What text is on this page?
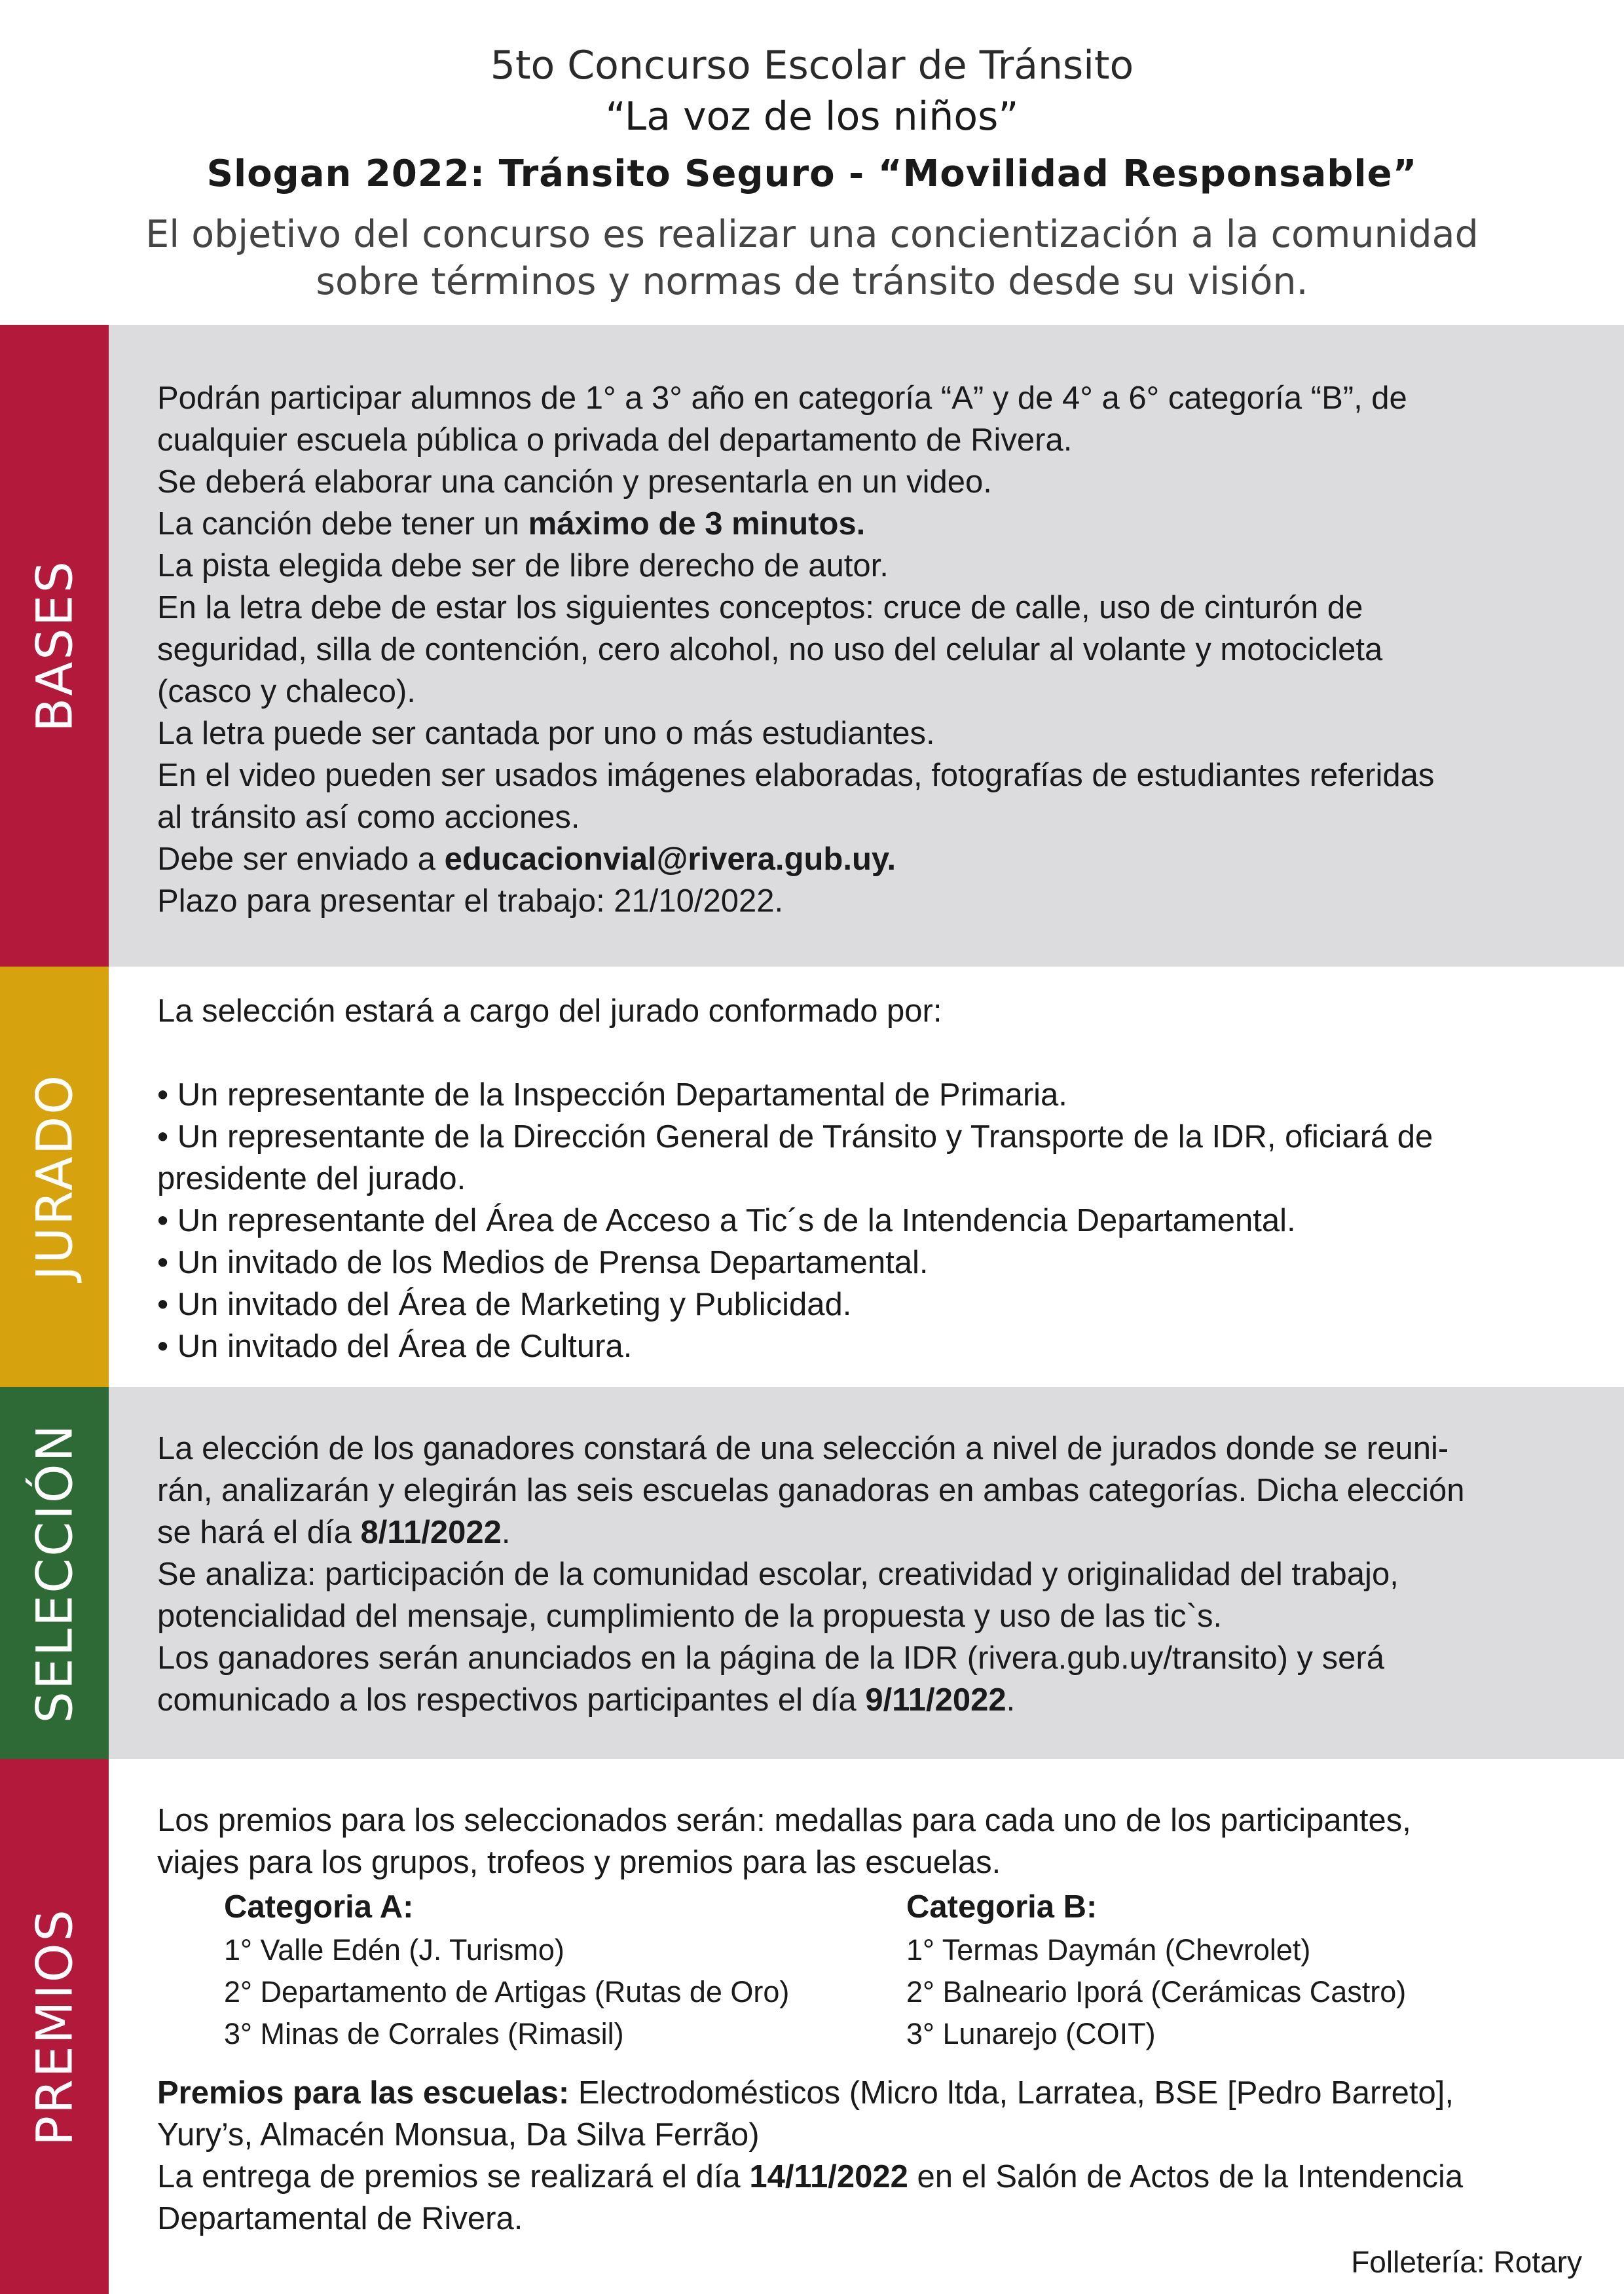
5to Concurso Escolar de Tránsito
“La voz de los niños”
Slogan 2022: Tránsito Seguro - “Movilidad Responsable”
El objetivo del concurso es realizar una concientización a la comunidad
sobre términos y normas de tránsito desde su visión.
BASES

Podrán participar alumnos de 1° a 3° año en categoría “A” y de 4° a 6° categoría “B”, de

cualquier escuela pública o privada del departamento de Rivera.

Se deberá elaborar una canción y presentarla en un video.

La canción debe tener un máximo de 3 minutos.

La pista elegida debe ser de libre derecho de autor.

En la letra debe de estar los siguientes conceptos: cruce de calle, uso de cinturón de

seguridad, silla de contención, cero alcohol, no uso del celular al volante y motocicleta

(casco y chaleco).

La letra puede ser cantada por uno o más estudiantes.

En el video pueden ser usados imágenes elaboradas, fotografías de estudiantes referidas

al tránsito así como acciones.

Debe ser enviado a educacionvial@rivera.gub.uy.

Plazo para presentar el trabajo: 21/10/2022.

JURADO

La selección estará a cargo del jurado conformado por:

• Un representante de la Inspección Departamental de Primaria.

• Un representante de la Dirección General de Tránsito y Transporte de la IDR, oficiará de

presidente del jurado.

• Un representante del Área de Acceso a Tic´s de la Intendencia Departamental.

• Un invitado de los Medios de Prensa Departamental.

• Un invitado del Área de Marketing y Publicidad.

• Un invitado del Área de Cultura.

SELECCIÓN La elección de los ganadores constará de una selección a nivel de jurados donde se reuni-

rán, analizarán y elegirán las seis escuelas ganadoras en ambas categorías. Dicha elección

se hará el día 8/11/2022.

Se analiza: participación de la comunidad escolar, creatividad y originalidad del trabajo,

potencialidad del mensaje, cumplimiento de la propuesta y uso de las tic`s.

Los ganadores serán anunciados en la página de la IDR (rivera.gub.uy/transito) y será

comunicado a los respectivos participantes el día 9/11/2022.

PREMIOS

Los premios para los seleccionados serán: medallas para cada uno de los participantes,

viajes para los grupos, trofeos y premios para las escuelas.

Categoria A:
1° Valle Edén (J. Turismo)
2° Departamento de Artigas (Rutas de Oro)
3° Minas de Corrales (Rimasil)
Categoria B:
1° Termas Daymán (Chevrolet)
2° Balneario Iporá (Cerámicas Castro)
3° Lunarejo (COIT)

Premios para las escuelas: Electrodomésticos (Micro ltda, Larratea, BSE [Pedro Barreto],

Yury’s, Almacén Monsua, Da Silva Ferrão)

La entrega de premios se realizará el día 14/11/2022 en el Salón de Actos de la Intendencia

Departamental de Rivera.

Folletería: Rotary
